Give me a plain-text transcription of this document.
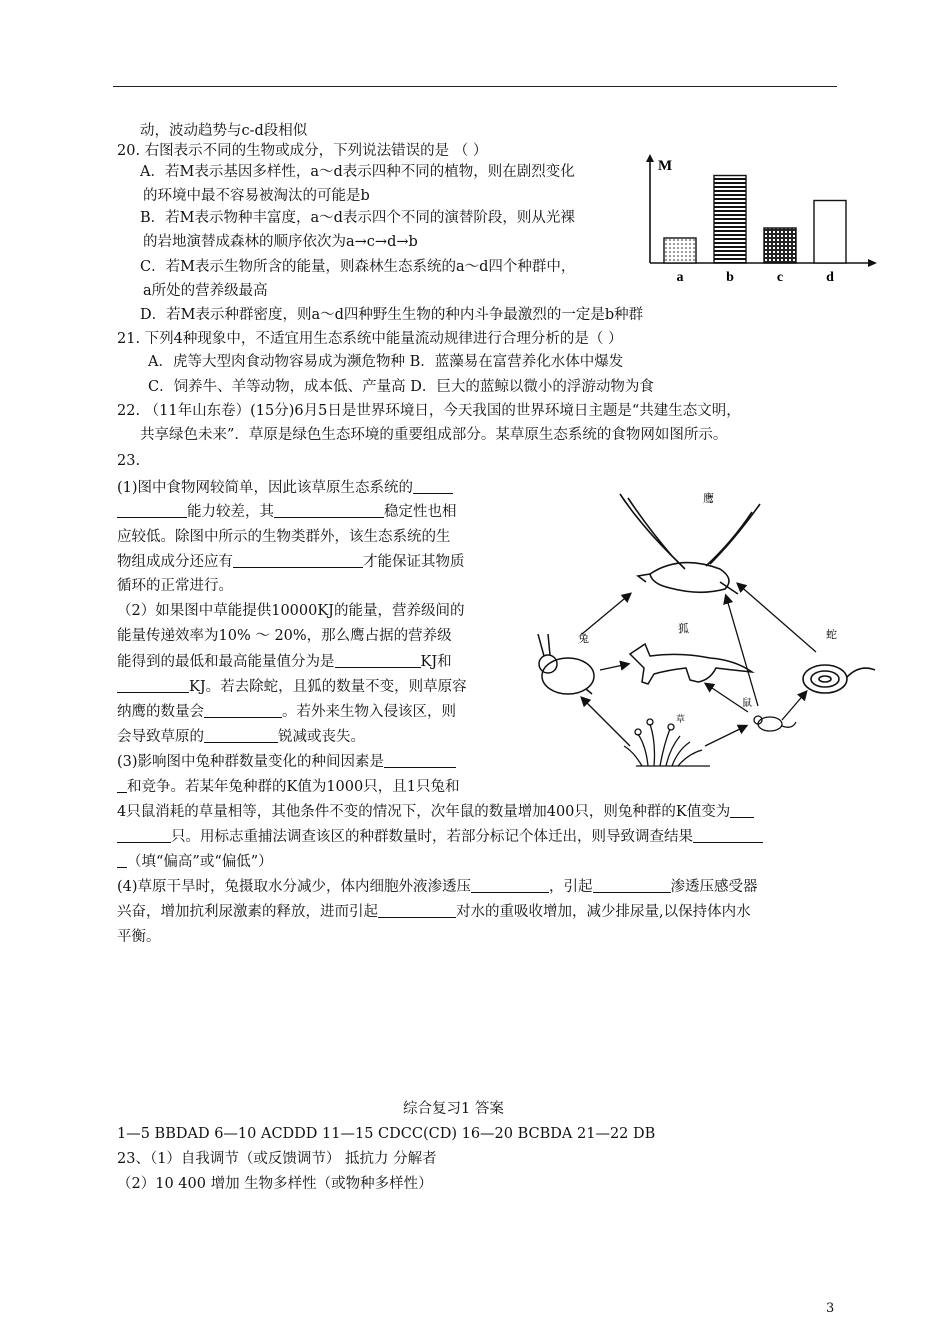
动，波动趋势与c-d段相似
20. 右图表示不同的生物或成分，下列说法错误的是 （ ）
A．若M表示基因多样性，a～d表示四种不同的植物，则在剧烈变化
的环境中最不容易被淘汰的可能是b
B．若M表示物种丰富度，a～d表示四个不同的演替阶段，则从光裸
的岩地演替成森林的顺序依次为a→c→d→b
C．若M表示生物所含的能量，则森林生态系统的a～d四个种群中，
a所处的营养级最高
D．若M表示种群密度，则a～d四种野生生物的种内斗争最激烈的一定是b种群
M
a	b	c	d
21. 下列4种现象中，不适宜用生态系统中能量流动规律进行合理分析的是（ ）
A．虎等大型肉食动物容易成为濒危物种 B．蓝藻易在富营养化水体中爆发
C．饲养牛、羊等动物，成本低、产量高 D．巨大的蓝鲸以微小的浮游动物为食
22. （11年山东卷）(15分)6月5日是世界环境日，今天我国的世界环境日主题是“共建生态文明，
共享绿色未来”．草原是绿色生态环境的重要组成部分。某草原生态系统的食物网如图所示。
23.
(1)图中食物网较简单，因此该草原生态系统的
能力较差，其	稳定性也相
应较低。除图中所示的生物类群外，该生态系统的生
物组成成分还应有	才能保证其物质
循环的正常进行。
（2）如果图中草能提供10000KJ的能量，营养级间的
能量传递效率为10% ～ 20%，那么鹰占据的营养级
能得到的最低和最高能量值分为是	KJ和
KJ。若去除蛇，且狐的数量不变，则草原容
纳鹰的数量会	。若外来生物入侵该区，则
会导致草原的	锐减或丧失。
(3)影响图中兔种群数量变化的种间因素是
和竞争。若某年兔种群的K值为1000只，且1只兔和
4只鼠消耗的草量相等，其他条件不变的情况下，次年鼠的数量增加400只，则兔种群的K值变为
只。用标志重捕法调查该区的种群数量时，若部分标记个体迁出，则导致调查结果
（填“偏高”或“偏低”）
(4)草原干旱时，兔摄取水分减少，体内细胞外液渗透压	，引起	渗透压感受器
兴奋，增加抗利尿激素的释放，进而引起	对水的重吸收增加，减少排尿量,以保持体内水
平衡。
鹰
兔
狐	蛇
鼠
草
综合复习1 答案
1—5 BBDAD 6—10 ACDDD 11—15 CDCC(CD) 16—20 BCBDA 21—22 DB
23、（1）自我调节（或反馈调节） 抵抗力 分解者
（2）10 400 增加 生物多样性（或物种多样性）
3
